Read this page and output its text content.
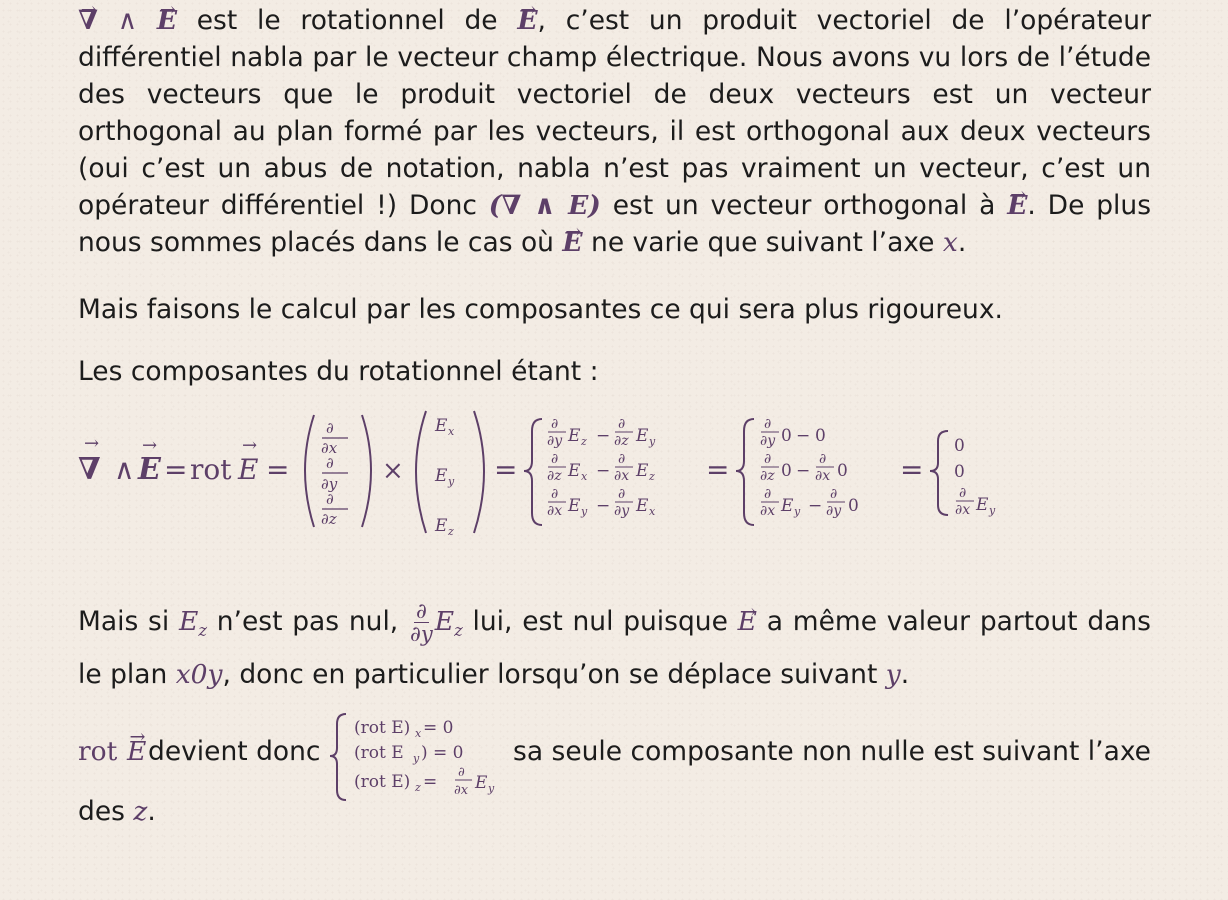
→ ∇ ∧ → E est le rotationnel de → E, c’est un produit vectoriel de l’opérateur différentiel nabla par le vecteur champ électrique. Nous avons vu lors de l’étude des vecteurs que le produit vectoriel de deux vecteurs est un vecteur orthogonal au plan formé par les vecteurs, il est orthogonal aux deux vecteurs (oui c’est un abus de notation, nabla n’est pas vraiment un vecteur, c’est un opérateur différentiel !) Donc (∇ ∧ E) est un vecteur orthogonal à → E. De plus nous sommes placés dans le cas où → E ne varie que suivant l’axe x.

Mais faisons le calcul par les composantes ce qui sera plus rigoureux.

Les composantes du rotationnel étant :

∇
→
∧ E
→
= rot E
→
=
∂
∂x
∂
∂y
∂
∂z
×
E x
E y
E z
=
∂
∂y E z −
∂
∂z E y
∂
∂z E x −
∂
∂x E z
∂
∂x E y −
∂
∂y E x
=
∂
∂y 0 − 0
∂
∂z 0 −
∂
∂x 0
∂
∂x E y −
∂
∂y 0
=
0
0
∂
∂x E y

Mais si $E_z$ n’est pas nul, $\frac{\partial}{\partial y} E_z$ lui, est nul puisque → E a même valeur partout dans le plan x0y, donc en particulier lorsqu’on se déplace suivant y.

rot → E devient donc
(rot E) x = 0
(rot E y ) = 0
(rot E) z = ∂
∂x E y
sa seule composante non nulle est suivant l’axe
des z.
